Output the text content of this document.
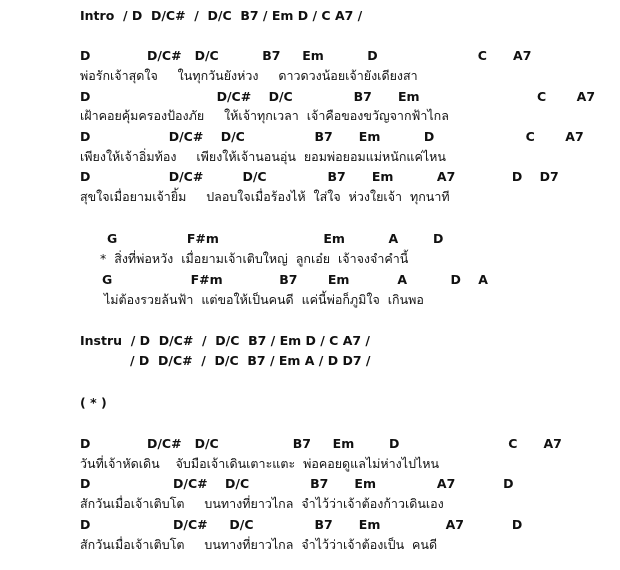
Intro  / D  D/C#  /  D/C  B7 / Em D / C A7 /
D             D/C#   D/C          B7     Em          D                       C      A7
พ่อรักเจ้าสุดใจ     ในทุกวันยังห่วง     ดาวดวงน้อยเจ้ายังเดียงสา
D                             D/C#    D/C              B7      Em                           C       A7
เฝ้าคอยคุ้มครองป้องภัย     ให้เจ้าทุกเวลา  เจ้าคือของขวัญจากฟ้าไกล
D                  D/C#    D/C                B7      Em          D                     C       A7
เพียงให้เจ้าอิ่มท้อง     เพียงให้เจ้านอนอุ่น  ยอมพ่อยอมแม่หนักแค่ไหน
D                  D/C#         D/C              B7      Em          A7             D    D7
สุขใจเมื่อยามเจ้ายิ้ม     ปลอบใจเมื่อร้องไห้  ใส่ใจ  ห่วงใยเจ้า  ทุกนาที
G                F#m                        Em          A        D
*  สิ่งที่พ่อหวัง  เมื่อยามเจ้าเติบใหญ่  ลูกเอ๋ย  เจ้าจงจำคำนี้
G                  F#m             B7       Em           A          D    A
ไม่ต้องรวยล้นฟ้า  แต่ขอให้เป็นคนดี  แค่นี้พ่อก็ภูมิใจ  เกินพอ
Instru  / D  D/C#  /  D/C  B7 / Em D / C A7 /
/ D  D/C#  /  D/C  B7 / Em A / D D7 /
( * )
D             D/C#   D/C                 B7     Em        D                         C      A7
วันที่เจ้าหัดเดิน    จับมือเจ้าเดินเตาะแตะ  พ่อคอยดูแลไม่ห่างไปไหน
D                   D/C#    D/C              B7      Em              A7           D
สักวันเมื่อเจ้าเติบโต     บนทางที่ยาวไกล  จำไว้ว่าเจ้าต้องก้าวเดินเอง
D                   D/C#     D/C              B7      Em               A7           D
สักวันเมื่อเจ้าเติบโต     บนทางที่ยาวไกล  จำไว้ว่าเจ้าต้องเป็น  คนดี
